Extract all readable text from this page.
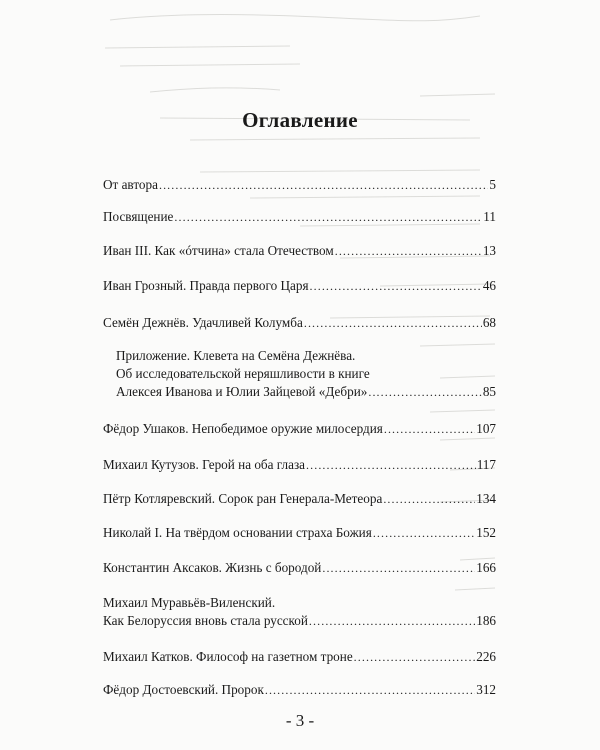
Оглавление
От автора .....	5
Посвящение .....	11
Иван III. Как «óтчина» стала Отечеством .....	13
Иван Грозный. Правда первого Царя .....	46
Семён Дежнёв. Удачливей Колумба .....	68
Приложение. Клевета на Семёна Дежнёва.
Об исследовательской неряшливости в книге
Алексея Иванова и Юлии Зайцевой «Дебри» .....	85
Фёдор Ушаков. Непобедимое оружие милосердия .....	107
Михаил Кутузов. Герой на оба глаза .....	117
Пётр Котляревский. Сорок ран Генерала-Метеора .....	134
Николай I. На твёрдом основании страха Божия .....	152
Константин Аксаков. Жизнь с бородой .....	166
Михаил Муравьёв-Виленский.
Как Белоруссия вновь стала русской .....	186
Михаил Катков. Философ на газетном троне .....	226
Фёдор Достоевский. Пророк .....	312
- 3 -
